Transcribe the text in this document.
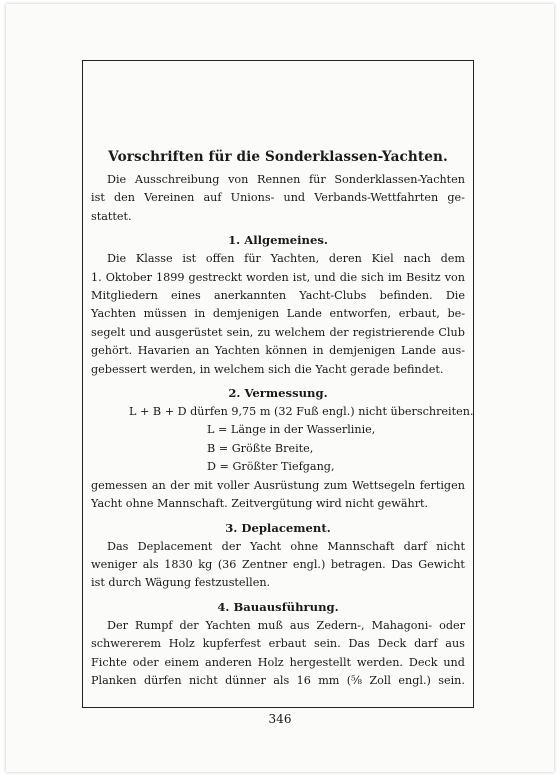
Vorschriften für die Sonderklassen-Yachten.
Die Ausschreibung von Rennen für Sonderklassen-Yachten
ist den Vereinen auf Unions- und Verbands-Wettfahrten ge-
stattet.
1. Allgemeines.
Die Klasse ist offen für Yachten, deren Kiel nach dem
1. Oktober 1899 gestreckt worden ist, und die sich im Besitz von
Mitgliedern eines anerkannten Yacht-Clubs befinden. Die
Yachten müssen in demjenigen Lande entworfen, erbaut, be-
segelt und ausgerüstet sein, zu welchem der registrierende Club
gehört. Havarien an Yachten können in demjenigen Lande aus-
gebessert werden, in welchem sich die Yacht gerade befindet.
2. Vermessung.
L + B + D dürfen 9,75 m (32 Fuß engl.) nicht überschreiten.
L = Länge in der Wasserlinie,
B = Größte Breite,
D = Größter Tiefgang,
gemessen an der mit voller Ausrüstung zum Wettsegeln fertigen
Yacht ohne Mannschaft. Zeitvergütung wird nicht gewährt.
3. Deplacement.
Das Deplacement der Yacht ohne Mannschaft darf nicht
weniger als 1830 kg (36 Zentner engl.) betragen. Das Gewicht
ist durch Wägung festzustellen.
4. Bauausführung.
Der Rumpf der Yachten muß aus Zedern-, Mahagoni- oder
schwererem Holz kupferfest erbaut sein. Das Deck darf aus
Fichte oder einem anderen Holz hergestellt werden. Deck und
Planken dürfen nicht dünner als 16 mm (⅝ Zoll engl.) sein.
346
